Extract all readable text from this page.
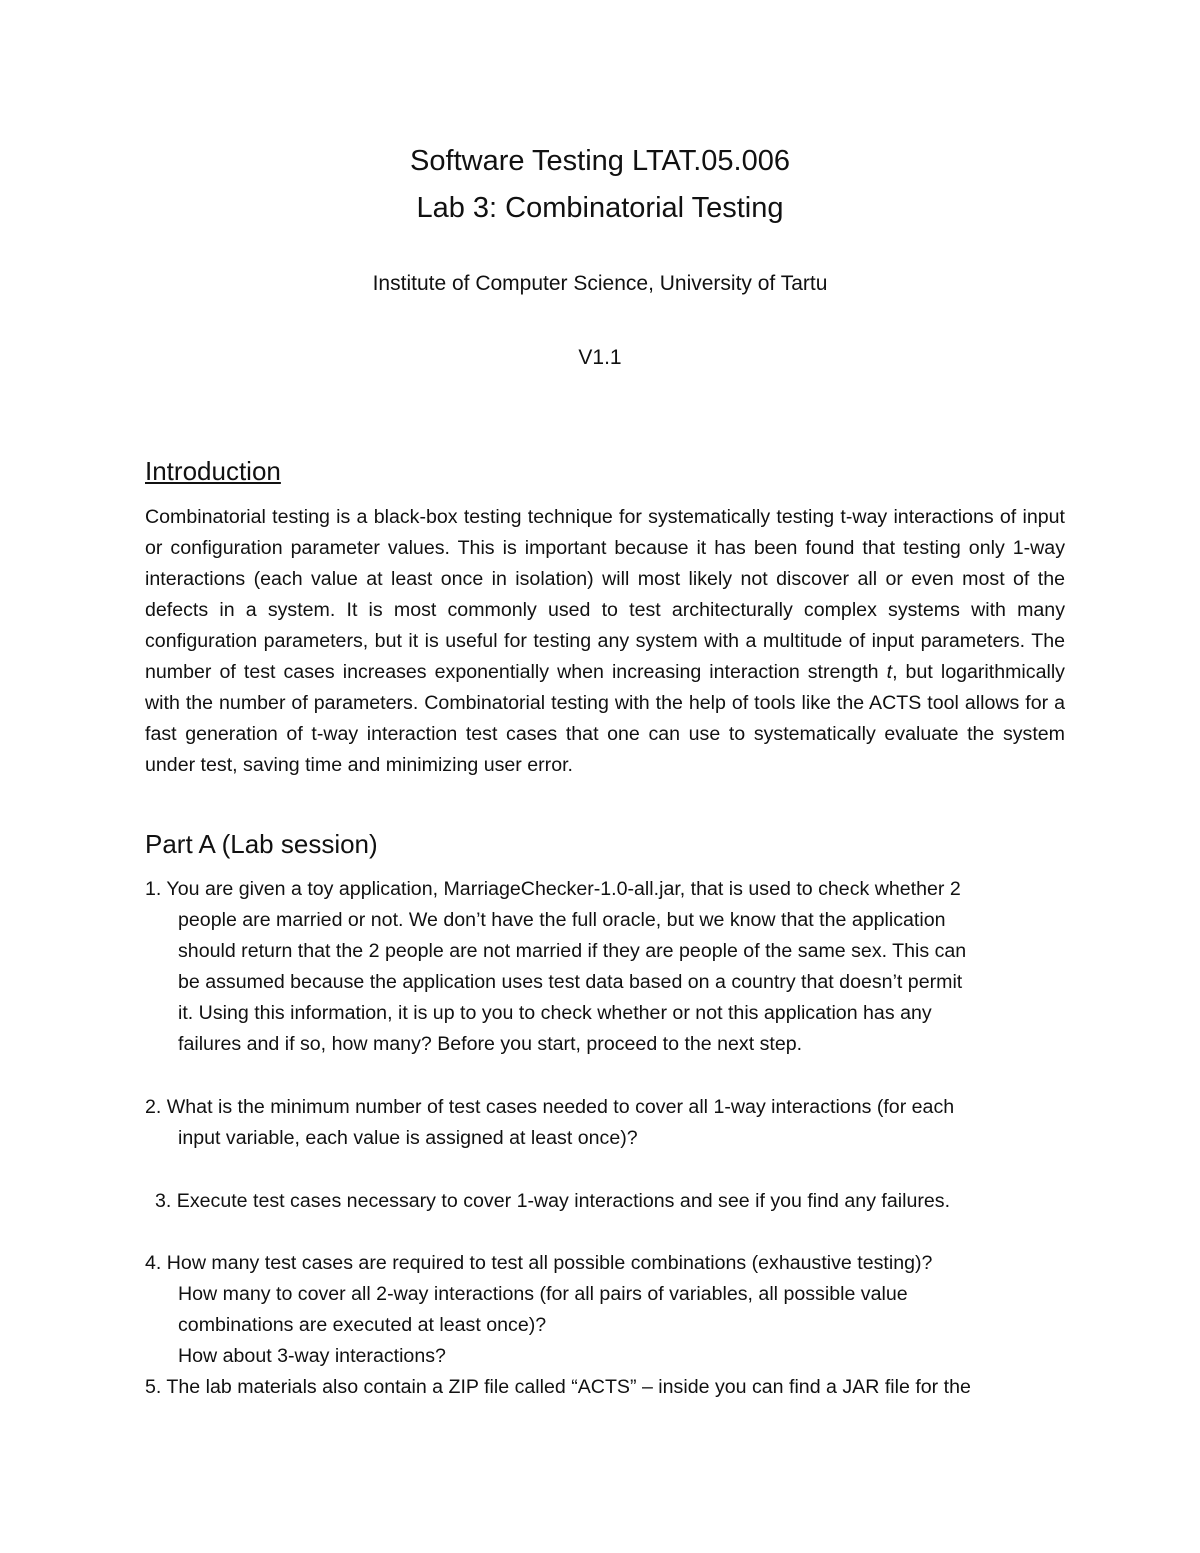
Software Testing LTAT.05.006
Lab 3: Combinatorial Testing
Institute of Computer Science, University of Tartu
V1.1
Introduction
Combinatorial testing is a black-box testing technique for systematically testing t-way interactions of input or configuration parameter values. This is important because it has been found that testing only 1-way interactions (each value at least once in isolation) will most likely not discover all or even most of the defects in a system. It is most commonly used to test architecturally complex systems with many configuration parameters, but it is useful for testing any system with a multitude of input parameters. The number of test cases increases exponentially when increasing interaction strength t, but logarithmically with the number of parameters. Combinatorial testing with the help of tools like the ACTS tool allows for a fast generation of t-way interaction test cases that one can use to systematically evaluate the system under test, saving time and minimizing user error.
Part A (Lab session)
1. You are given a toy application, MarriageChecker-1.0-all.jar, that is used to check whether 2
people are married or not. We don’t have the full oracle, but we know that the application
should return that the 2 people are not married if they are people of the same sex. This can
be assumed because the application uses test data based on a country that doesn’t permit
it. Using this information, it is up to you to check whether or not this application has any
failures and if so, how many? Before you start, proceed to the next step.
2. What is the minimum number of test cases needed to cover all 1-way interactions (for each
input variable, each value is assigned at least once)?
3. Execute test cases necessary to cover 1-way interactions and see if you find any failures.
4. How many test cases are required to test all possible combinations (exhaustive testing)?
How many to cover all 2-way interactions (for all pairs of variables, all possible value
combinations are executed at least once)?
How about 3-way interactions?
5. The lab materials also contain a ZIP file called “ACTS” – inside you can find a JAR file for the
